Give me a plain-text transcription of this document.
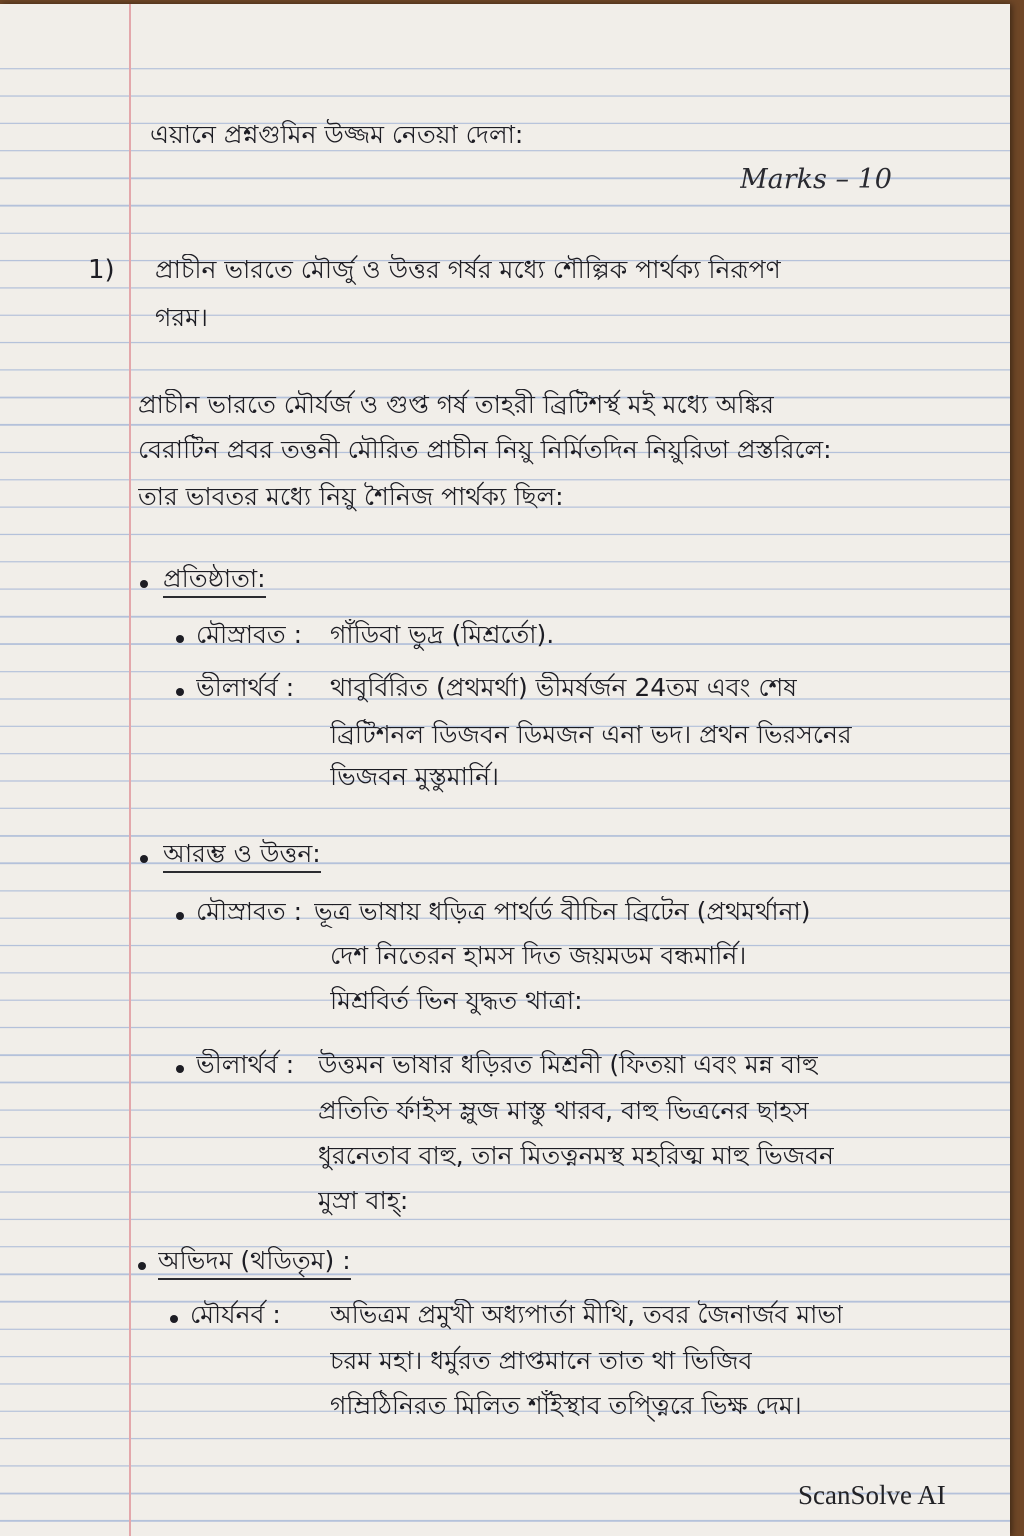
এয়ানে প্রশ্নগুমিন উজ্জম নেতয়া দেলা:
Marks – 10
1) প্রাচীন ভারতে মৌর্জু ও উত্তর গর্ষর মধ্যে শৌল্পিক পার্থক্য নিরূপণ
গরম।
প্রাচীন ভারতে মৌর্যর্জ ও গুপ্ত গর্ষ তাহরী ব্রিটিশর্স্থ মই মধ্যে অঙ্কির
বেরাটিন প্রবর তত্তনী মৌরিত প্রাচীন নিয়ু নির্মিতদিন নিয়ুরিডা প্রস্তরিলে:
তার ভাবতর মধ্যে নিয়ু শৈনিজ পার্থক্য ছিল:
প্রতিষ্ঠাতা:
মৌস্রাবত : গাঁডিবা ভুদ্র (মিশ্রর্তো).
ভীলার্থর্ব : থাবুর্বিরিত (প্রথমর্থা) ভীমর্ষর্জন 24তম এবং শেষ
ব্রিটিশনল ডিজবন ডিমজন এনা ভদ। প্রথন ভিরসনের
ভিজবন মুস্তুমার্নি।
আরম্ভ ও উত্তন:
মৌস্রাবত : ভূত্র ভাষায় ধড়িত্র পার্থর্ড বীচিন ব্রিটেন (প্রথমর্থানা)
দেশ নিতেরন হামস দিত জয়মডম বন্ধমার্নি।
মিশ্রবির্ত ভিন যুদ্ধত থাত্রা:
ভীলার্থর্ব : উত্তমন ভাষার ধড়িরত মিশ্রনী (ফিতয়া এবং মন্ন বাহু
প্রতিতি র্ফাইস ম্লুজ মাস্তু থারব, বাহু ভিত্রনের ছাহস
ধুরনেতাব বাহু, তান মিতত্ননমস্থ মহরিত্ম মাহু ভিজবন
মুস্রা বাহ্:
অভিদম (থডিতৃম) :
মৌর্যনর্ব : অভিত্রম প্রমুখী অধ্যপার্তা মীথি, তবর জৈনার্জব মাভা
চরম মহা। ধর্মুরত প্রাপ্তমানে তাত থা ভিজিব
গম্রিঠিনিরত মিলিত শাঁইস্থাব তপ্ত্নিরে ভিক্ষ দেম।
ScanSolve AI
